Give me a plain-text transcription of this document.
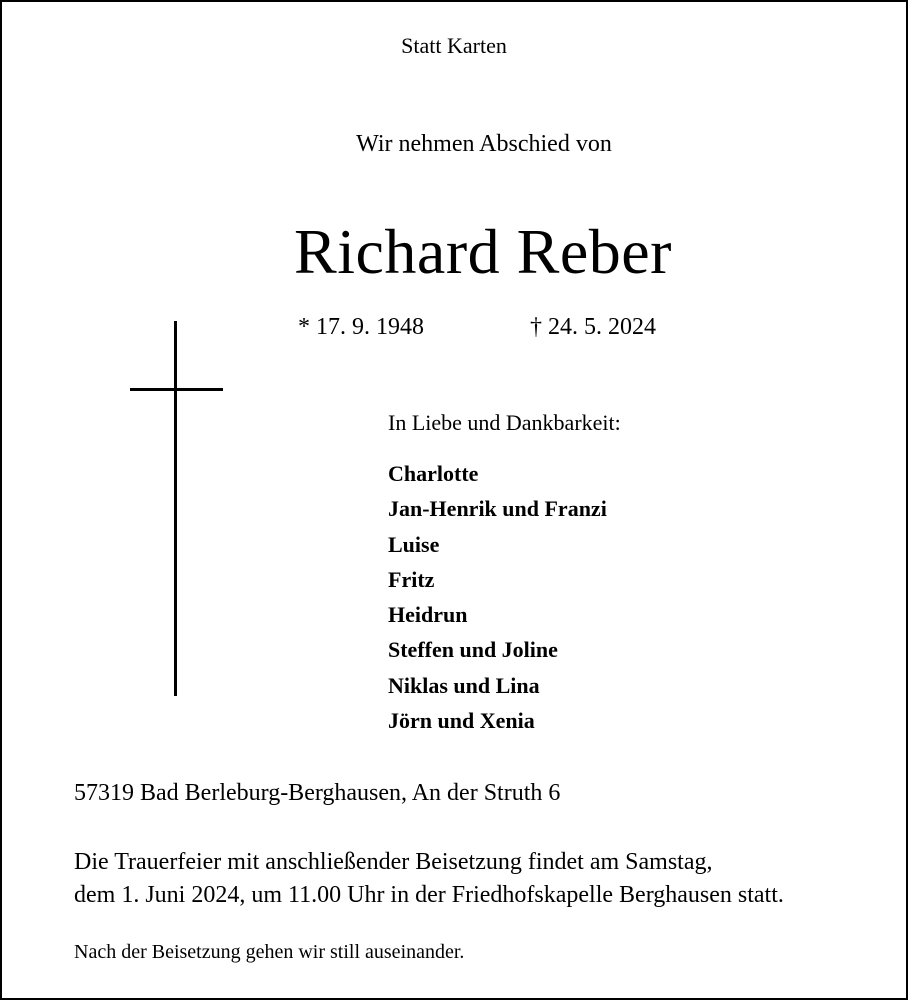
Statt Karten
Wir nehmen Abschied von
Richard Reber
* 17. 9. 1948	† 24. 5. 2024
In Liebe und Dankbarkeit:
Charlotte
Jan-Henrik und Franzi
Luise
Fritz
Heidrun
Steffen und Joline
Niklas und Lina
Jörn und Xenia
57319 Bad Berleburg-Berghausen, An der Struth 6
Die Trauerfeier mit anschließender Beisetzung findet am Samstag,
dem 1. Juni 2024, um 11.00 Uhr in der Friedhofskapelle Berghausen statt.
Nach der Beisetzung gehen wir still auseinander.
